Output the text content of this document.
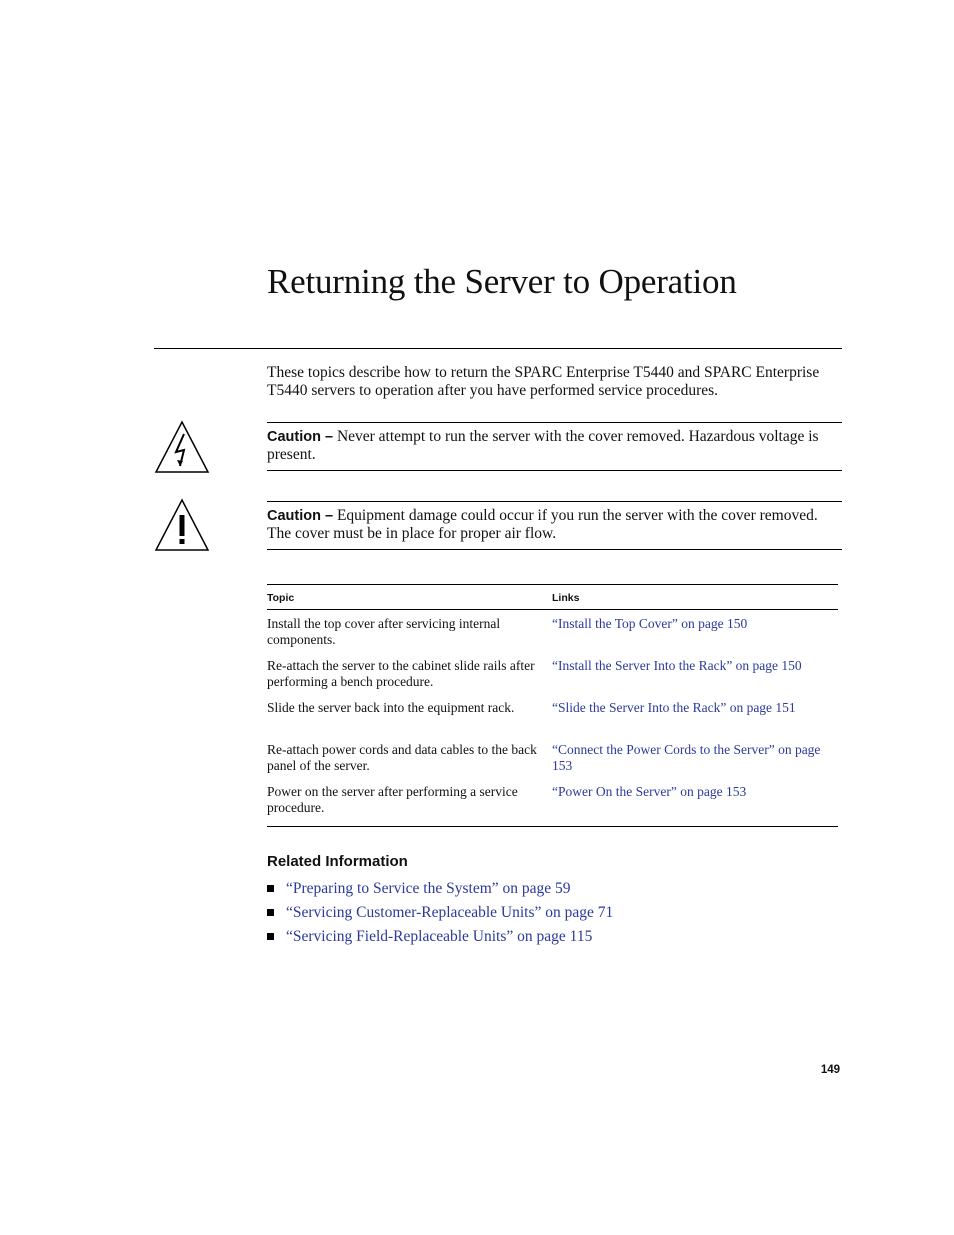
Returning the Server to Operation
These topics describe how to return the SPARC Enterprise T5440 and SPARC Enterprise T5440 servers to operation after you have performed service procedures.
Caution – Never attempt to run the server with the cover removed. Hazardous voltage is present.
Caution – Equipment damage could occur if you run the server with the cover removed. The cover must be in place for proper air flow.
Topic	Links
Install the top cover after servicing internal components.	“Install the Top Cover” on page 150
Re-attach the server to the cabinet slide rails after performing a bench procedure.	“Install the Server Into the Rack” on page 150
Slide the server back into the equipment rack.	“Slide the Server Into the Rack” on page 151
Re-attach power cords and data cables to the back panel of the server.	“Connect the Power Cords to the Server” on page 153
Power on the server after performing a service procedure.	“Power On the Server” on page 153
Related Information
“Preparing to Service the System” on page 59
“Servicing Customer-Replaceable Units” on page 71
“Servicing Field-Replaceable Units” on page 115
149
